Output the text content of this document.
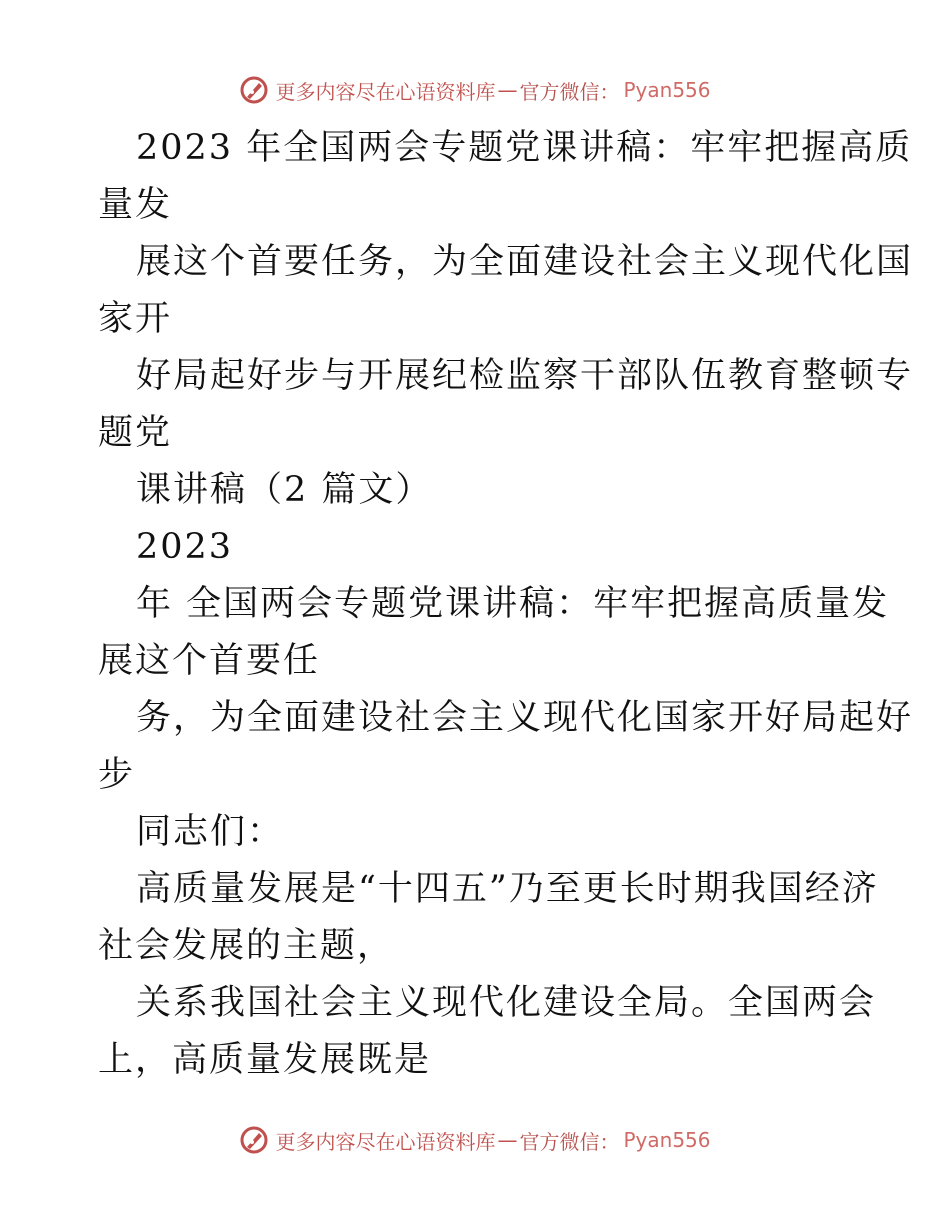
更多内容尽在心语资料库 — 官方微信： Pyan556
2023 年全国两会专题党课讲稿：牢牢把握高质
量发
展这个首要任务，为全面建设社会主义现代化国
家开
好局起好步与开展纪检监察干部队伍教育整顿专
题党
课讲稿（2 篇文）
2023
年 全国两会专题党课讲稿：牢牢把握高质量发
展这个首要任
务，为全面建设社会主义现代化国家开好局起好
步
同志们：
高质量发展是“十四五”乃至更长时期我国经济
社会发展的主题，
关系我国社会主义现代化建设全局。全国两会
上，高质量发展既是
更多内容尽在心语资料库 — 官方微信： Pyan556
